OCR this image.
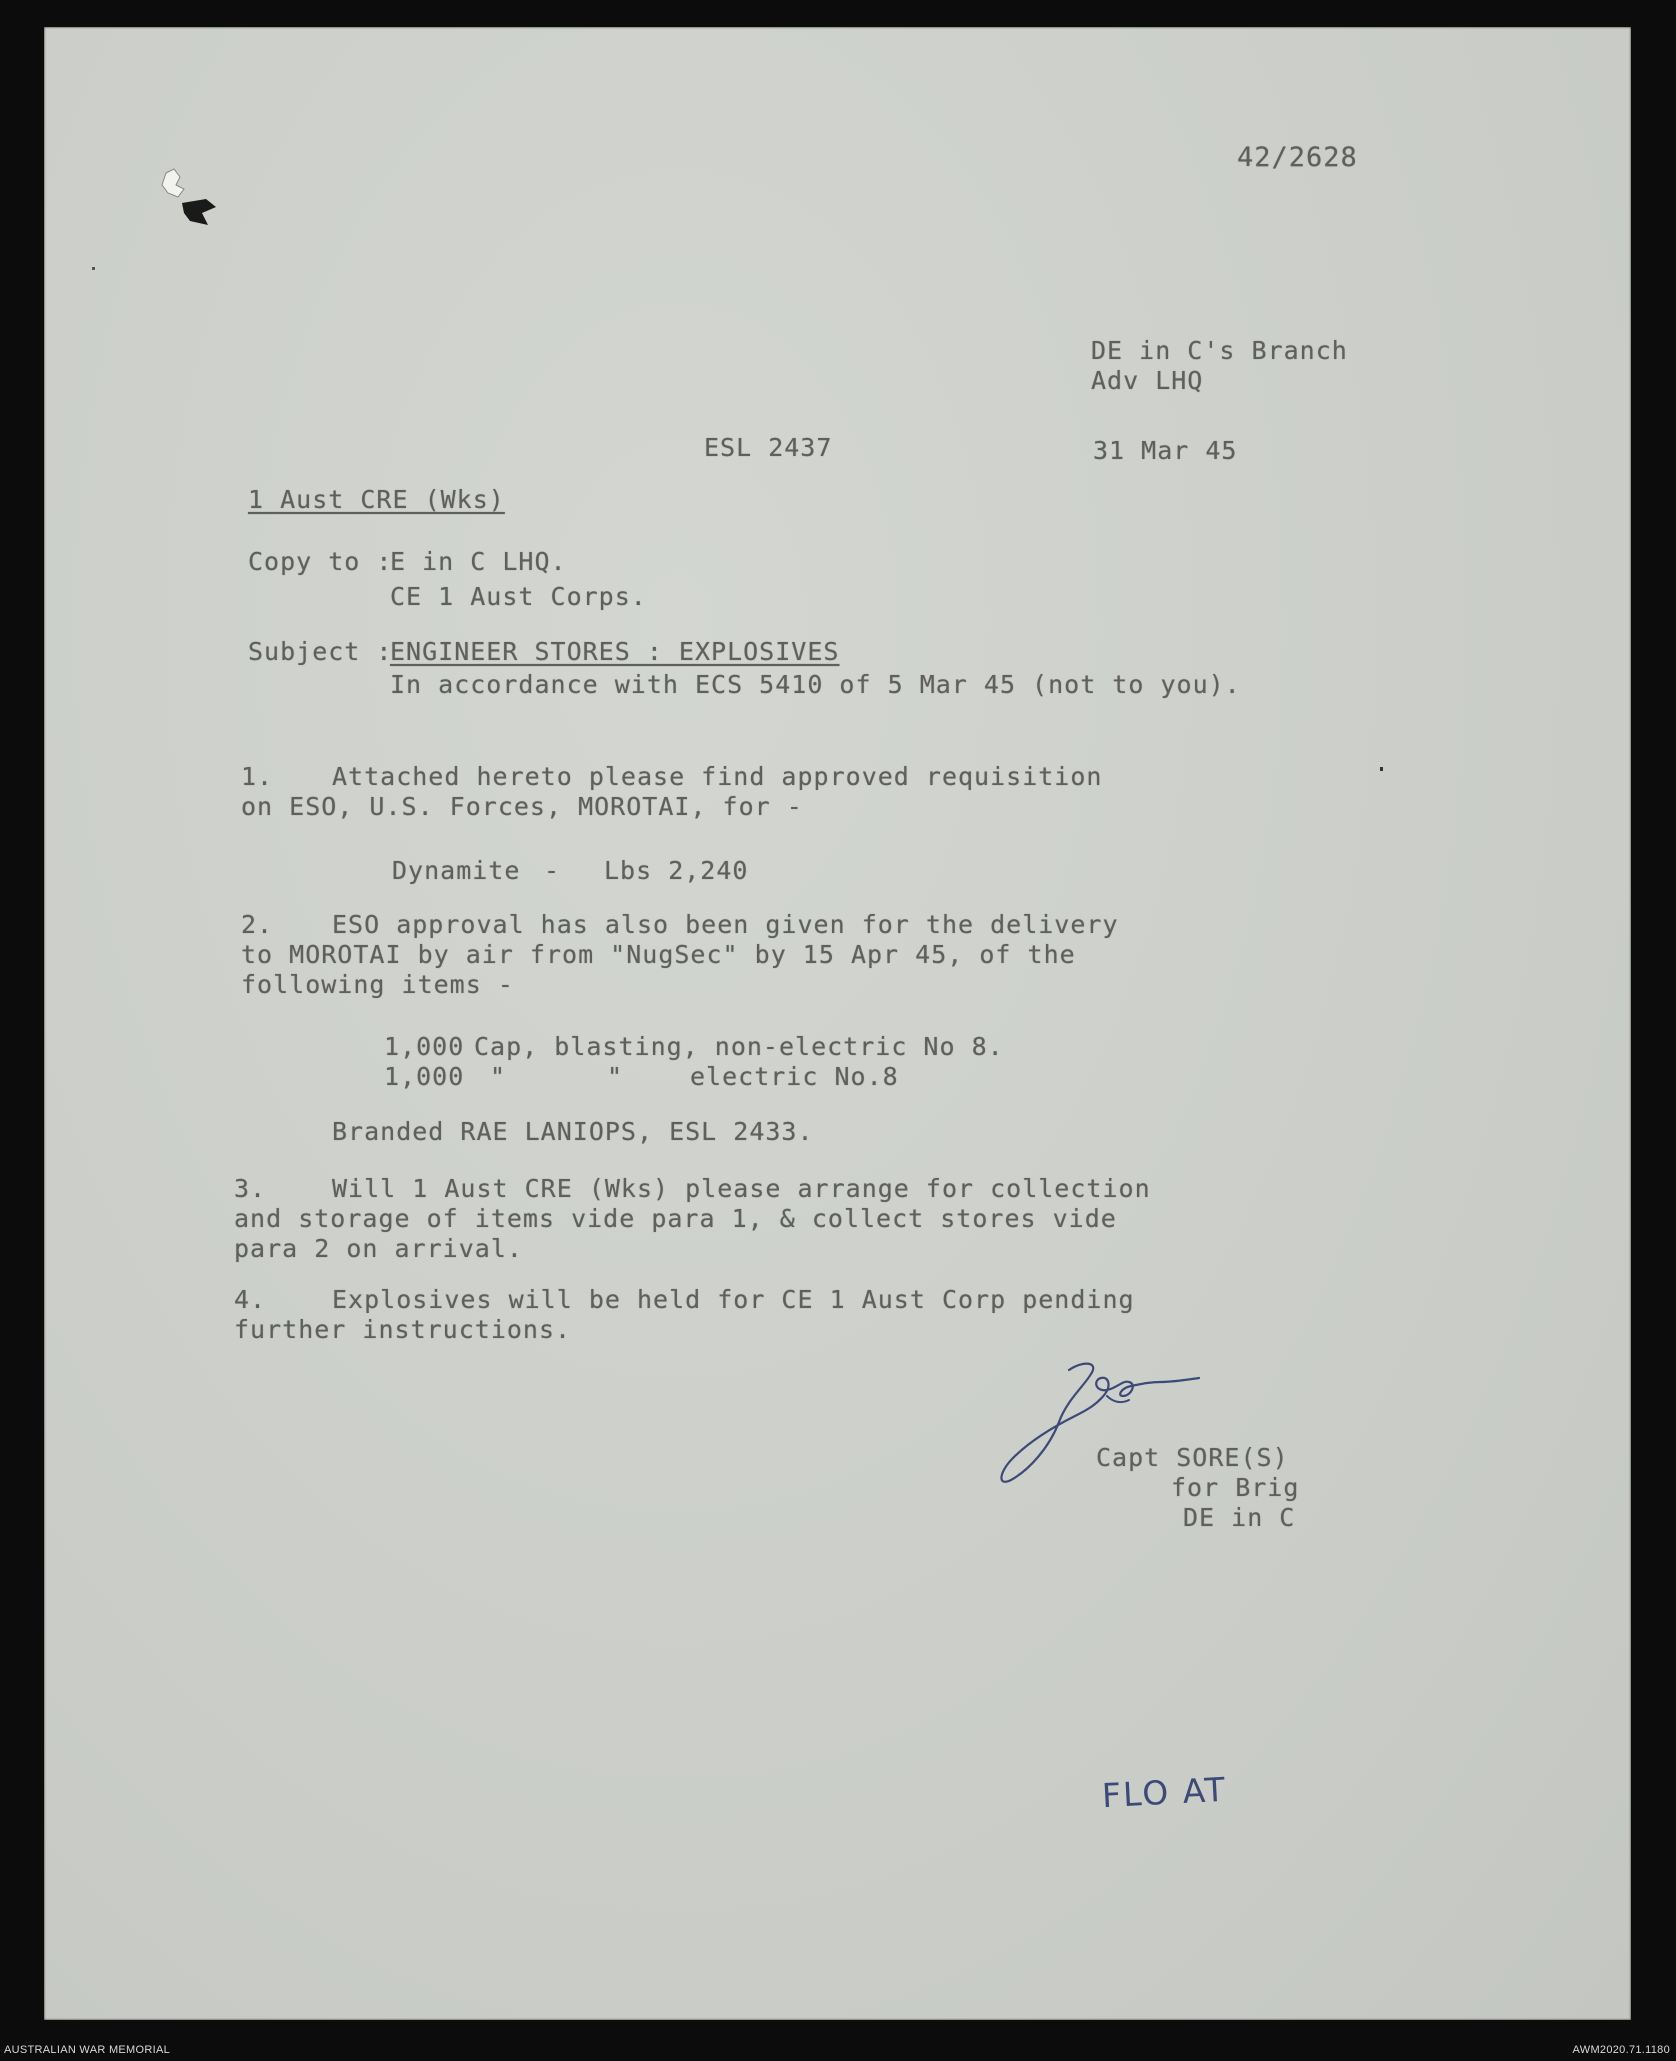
42/2628
DE in C's Branch
Adv LHQ
ESL 2437	31 Mar 45
1 Aust CRE (Wks)
Copy to :
E in C LHQ.
CE 1 Aust Corps.
Subject :
ENGINEER STORES : EXPLOSIVES
In accordance with ECS 5410 of 5 Mar 45 (not to you).
1. Attached hereto please find approved requisition
on ESO, U.S. Forces, MOROTAI, for -
Dynamite - Lbs 2,240
2. ESO approval has also been given for the delivery
to MOROTAI by air from "NugSec" by 15 Apr 45, of the
following items -
1,000 Cap, blasting, non-electric No 8.
1,000 "	"	electric No.8
Branded RAE LANIOPS, ESL 2433.
3.	Will 1 Aust CRE (Wks) please arrange for collection
and storage of items vide para 1, & collect stores vide
para 2 on arrival.
4.	Explosives will be held for CE 1 Aust Corp pending
further instructions.
Capt SORE(S)
for Brig
DE in C
FLO AT
AUSTRALIAN WAR MEMORIAL	AWM2020.71.1180
